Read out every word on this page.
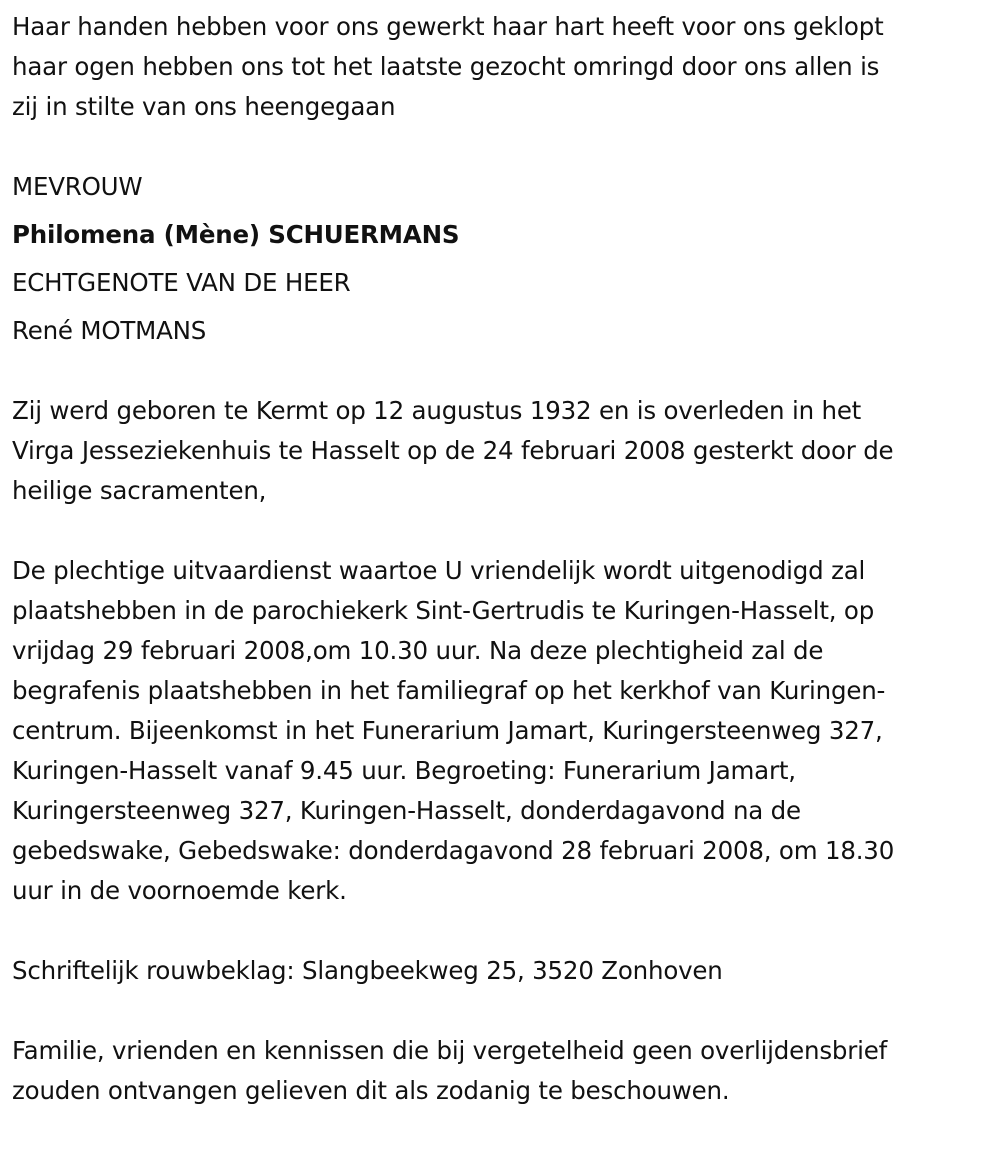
Haar handen hebben voor ons gewerkt haar hart heeft voor ons geklopt
haar ogen hebben ons tot het laatste gezocht omringd door ons allen is
zij in stilte van ons heengegaan
MEVROUW
Philomena (Mène) SCHUERMANS
ECHTGENOTE VAN DE HEER
René MOTMANS
Zij werd geboren te Kermt op 12 augustus 1932 en is overleden in het
Virga Jesseziekenhuis te Hasselt op de 24 februari 2008 gesterkt door de
heilige sacramenten,
De plechtige uitvaardienst waartoe U vriendelijk wordt uitgenodigd zal
plaatshebben in de parochiekerk Sint-Gertrudis te Kuringen-Hasselt, op
vrijdag 29 februari 2008,om 10.30 uur. Na deze plechtigheid zal de
begrafenis plaatshebben in het familiegraf op het kerkhof van Kuringen-
centrum. Bijeenkomst in het Funerarium Jamart, Kuringersteenweg 327,
Kuringen-Hasselt vanaf 9.45 uur. Begroeting: Funerarium Jamart,
Kuringersteenweg 327, Kuringen-Hasselt, donderdagavond na de
gebedswake, Gebedswake: donderdagavond 28 februari 2008, om 18.30
uur in de voornoemde kerk.
Schriftelijk rouwbeklag: Slangbeekweg 25, 3520 Zonhoven
Familie, vrienden en kennissen die bij vergetelheid geen overlijdensbrief
zouden ontvangen gelieven dit als zodanig te beschouwen.
